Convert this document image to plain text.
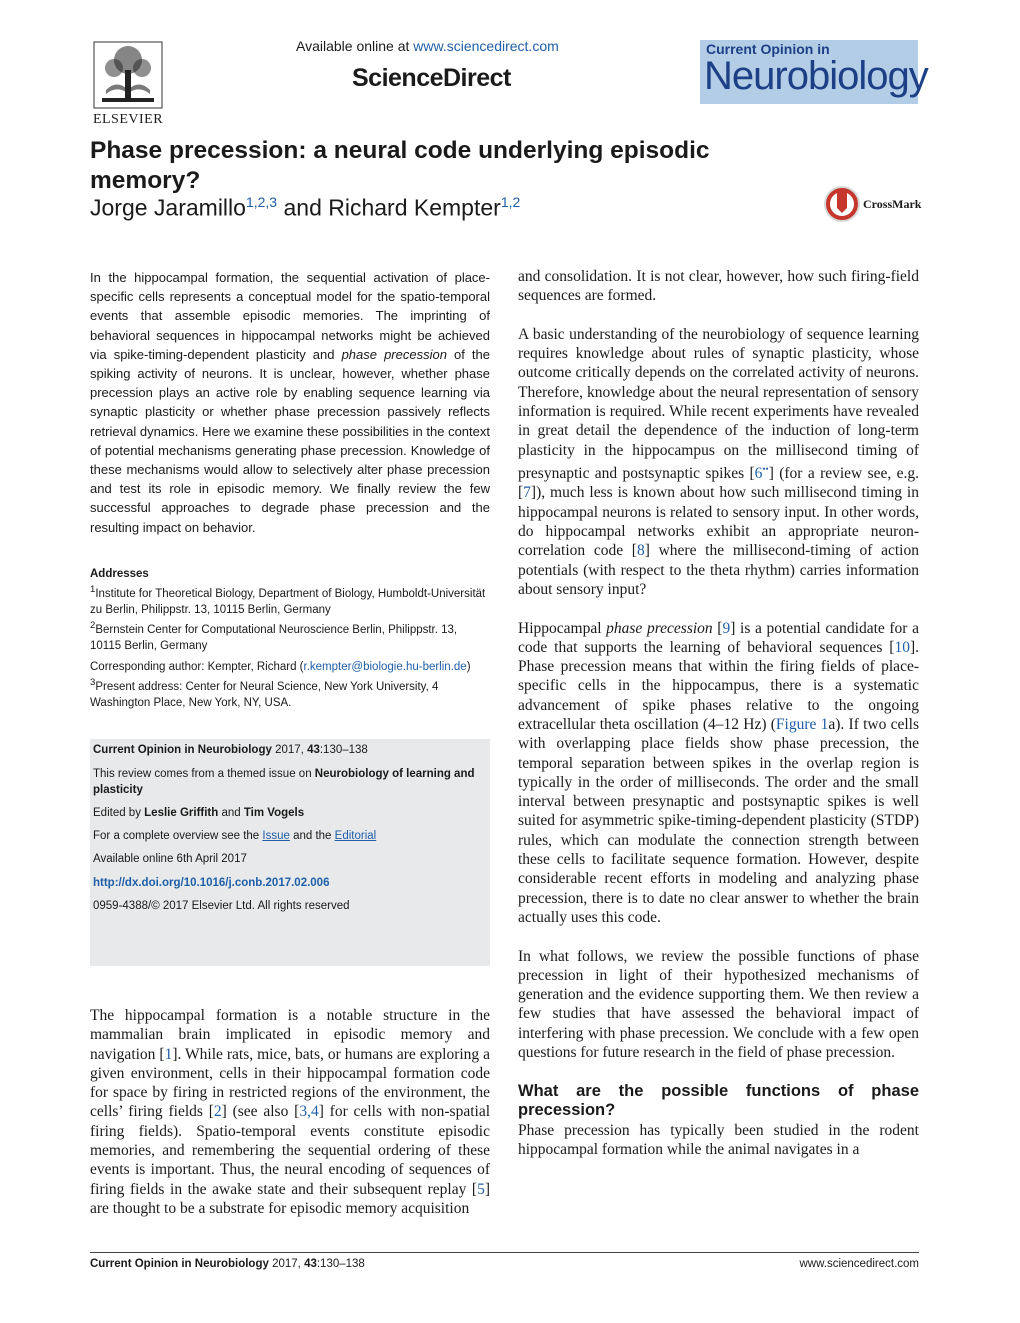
ELSEVIER
Available online at www.sciencedirect.com
ScienceDirect
Current Opinion in
Neurobiology
Phase precession: a neural code underlying episodic memory?
Jorge Jaramillo$^{1,2,3}$ and Richard Kempter$^{1,2}$	CrossMark
In the hippocampal formation, the sequential activation of place-specific cells represents a conceptual model for the spatio-temporal events that assemble episodic memories. The imprinting of behavioral sequences in hippocampal networks might be achieved via spike-timing-dependent plasticity and phase precession of the spiking activity of neurons. It is unclear, however, whether phase precession plays an active role by enabling sequence learning via synaptic plasticity or whether phase precession passively reflects retrieval dynamics. Here we examine these possibilities in the context of potential mechanisms generating phase precession. Knowledge of these mechanisms would allow to selectively alter phase precession and test its role in episodic memory. We finally review the few successful approaches to degrade phase precession and the resulting impact on behavior.
Addresses
$^1$Institute for Theoretical Biology, Department of Biology, Humboldt-Universität zu Berlin, Philippstr. 13, 10115 Berlin, Germany
$^2$Bernstein Center for Computational Neuroscience Berlin, Philippstr. 13, 10115 Berlin, Germany
Corresponding author: Kempter, Richard (r.kempter@biologie.hu-berlin.de)
$^3$Present address: Center for Neural Science, New York University, 4 Washington Place, New York, NY, USA.
Current Opinion in Neurobiology 2017, 43:130–138
This review comes from a themed issue on Neurobiology of learning and plasticity
Edited by Leslie Griffith and Tim Vogels
For a complete overview see the Issue and the Editorial
Available online 6th April 2017
http://dx.doi.org/10.1016/j.conb.2017.02.006
0959-4388/© 2017 Elsevier Ltd. All rights reserved
The hippocampal formation is a notable structure in the mammalian brain implicated in episodic memory and navigation [1]. While rats, mice, bats, or humans are exploring a given environment, cells in their hippocampal formation code for space by firing in restricted regions of the environment, the cells’ firing fields [2] (see also [3,4] for cells with non-spatial firing fields). Spatio-temporal events constitute episodic memories, and remembering the sequential ordering of these events is important. Thus, the neural encoding of sequences of firing fields in the awake state and their subsequent replay [5] are thought to be a substrate for episodic memory acquisition

and consolidation. It is not clear, however, how such firing-field sequences are formed.

A basic understanding of the neurobiology of sequence learning requires knowledge about rules of synaptic plasticity, whose outcome critically depends on the correlated activity of neurons. Therefore, knowledge about the neural representation of sensory information is required. While recent experiments have revealed in great detail the dependence of the induction of long-term plasticity in the hippocampus on the millisecond timing of presynaptic and postsynaptic spikes [6••] (for a review see, e.g. [7]), much less is known about how such millisecond timing in hippocampal neurons is related to sensory input. In other words, do hippocampal networks exhibit an appropriate neuron-correlation code [8] where the millisecond-timing of action potentials (with respect to the theta rhythm) carries information about sensory input?

Hippocampal phase precession [9] is a potential candidate for a code that supports the learning of behavioral sequences [10]. Phase precession means that within the firing fields of place-specific cells in the hippocampus, there is a systematic advancement of spike phases relative to the ongoing extracellular theta oscillation (4–12 Hz) (Figure 1a). If two cells with overlapping place fields show phase precession, the temporal separation between spikes in the overlap region is typically in the order of milliseconds. The order and the small interval between presynaptic and postsynaptic spikes is well suited for asymmetric spike-timing-dependent plasticity (STDP) rules, which can modulate the connection strength between these cells to facilitate sequence formation. However, despite considerable recent efforts in modeling and analyzing phase precession, there is to date no clear answer to whether the brain actually uses this code.

In what follows, we review the possible functions of phase precession in light of their hypothesized mechanisms of generation and the evidence supporting them. We then review a few studies that have assessed the behavioral impact of interfering with phase precession. We conclude with a few open questions for future research in the field of phase precession.

What are the possible functions of phase precession?

Phase precession has typically been studied in the rodent hippocampal formation while the animal navigates in a

Current Opinion in Neurobiology 2017, 43:130–138	www.sciencedirect.com
